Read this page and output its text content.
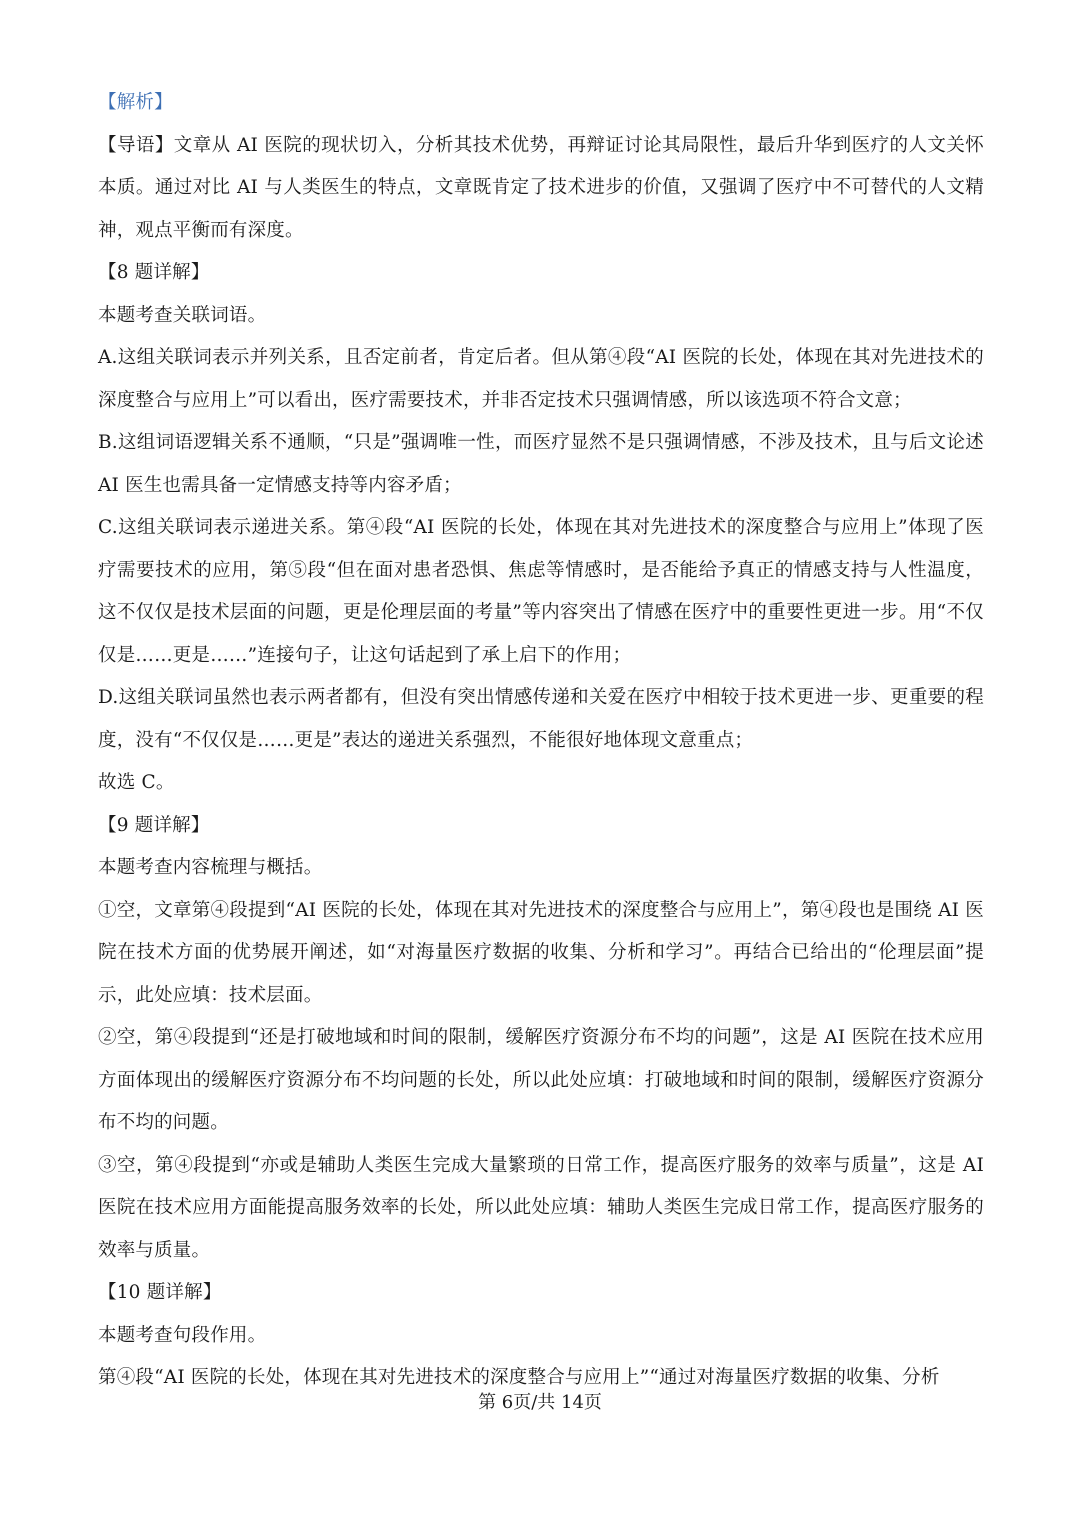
【解析】

【导语】文章从 AI 医院的现状切入，分析其技术优势，再辩证讨论其局限性，最后升华到医疗的人文关怀本质。通过对比 AI 与人类医生的特点，文章既肯定了技术进步的价值，又强调了医疗中不可替代的人文精神，观点平衡而有深度。

【8 题详解】

本题考查关联词语。

A.这组关联词表示并列关系，且否定前者，肯定后者。但从第④段“AI 医院的长处，体现在其对先进技术的深度整合与应用上”可以看出，医疗需要技术，并非否定技术只强调情感，所以该选项不符合文意；

B.这组词语逻辑关系不通顺，“只是”强调唯一性，而医疗显然不是只强调情感，不涉及技术，且与后文论述 AI 医生也需具备一定情感支持等内容矛盾；

C.这组关联词表示递进关系。第④段“AI 医院的长处，体现在其对先进技术的深度整合与应用上”体现了医疗需要技术的应用，第⑤段“但在面对患者恐惧、焦虑等情感时，是否能给予真正的情感支持与人性温度，这不仅仅是技术层面的问题，更是伦理层面的考量”等内容突出了情感在医疗中的重要性更进一步。用“不仅仅是……更是……”连接句子，让这句话起到了承上启下的作用；

D.这组关联词虽然也表示两者都有，但没有突出情感传递和关爱在医疗中相较于技术更进一步、更重要的程度，没有“不仅仅是……更是”表达的递进关系强烈，不能很好地体现文意重点；

故选 C。

【9 题详解】

本题考查内容梳理与概括。

①空，文章第④段提到“AI 医院的长处，体现在其对先进技术的深度整合与应用上”，第④段也是围绕 AI 医院在技术方面的优势展开阐述，如“对海量医疗数据的收集、分析和学习”。再结合已给出的“伦理层面”提示，此处应填：技术层面。

②空，第④段提到“还是打破地域和时间的限制，缓解医疗资源分布不均的问题”，这是 AI 医院在技术应用方面体现出的缓解医疗资源分布不均问题的长处，所以此处应填：打破地域和时间的限制，缓解医疗资源分布不均的问题。

③空，第④段提到“亦或是辅助人类医生完成大量繁琐的日常工作，提高医疗服务的效率与质量”，这是 AI 医院在技术应用方面能提高服务效率的长处，所以此处应填：辅助人类医生完成日常工作，提高医疗服务的效率与质量。

【10 题详解】

本题考查句段作用。

第④段“AI 医院的长处，体现在其对先进技术的深度整合与应用上”“通过对海量医疗数据的收集、分析

第 6页/共 14页
